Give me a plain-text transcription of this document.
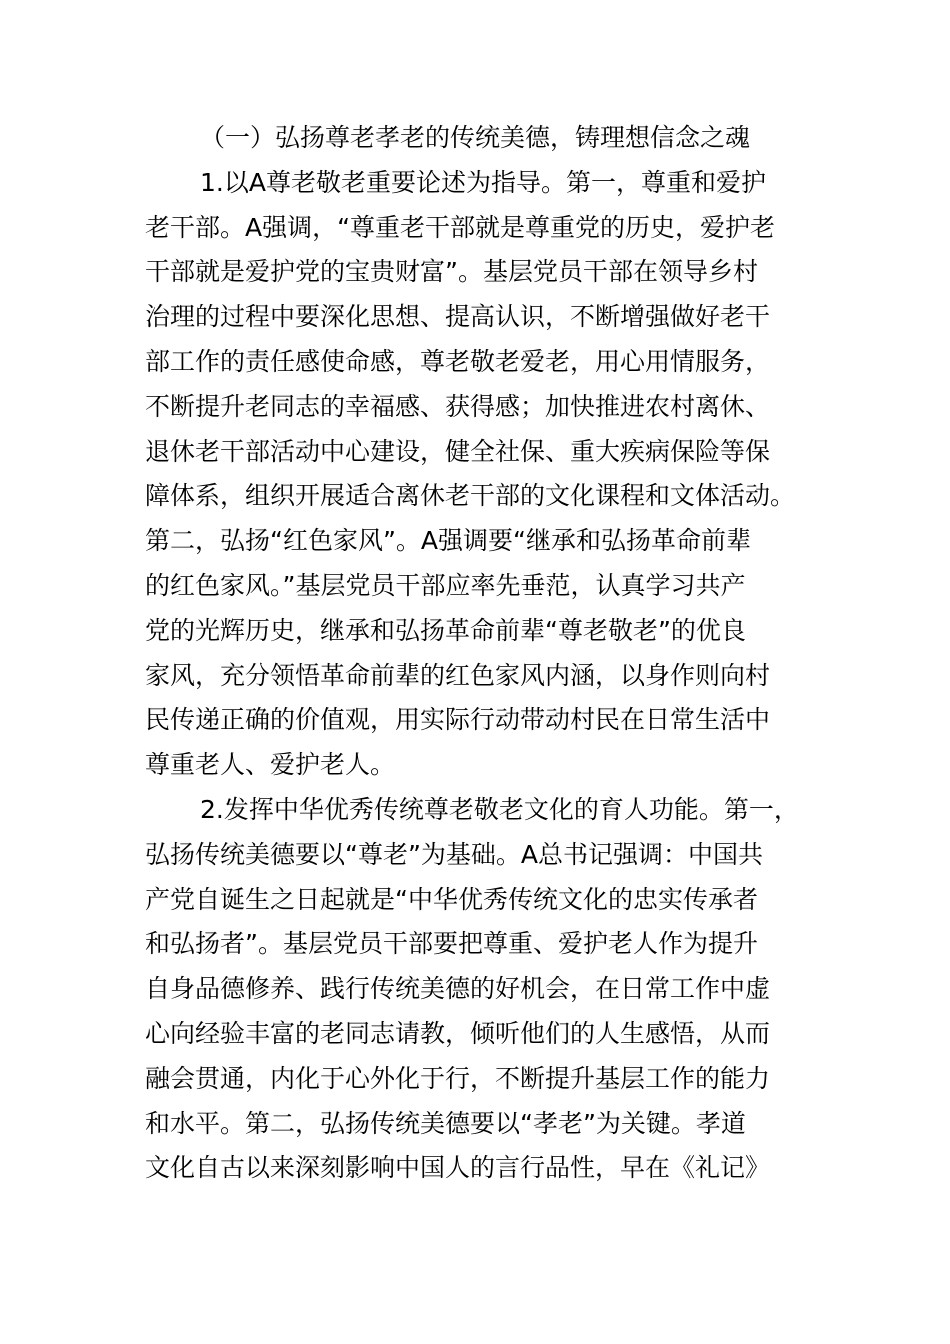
（一）弘扬尊老孝老的传统美德，铸理想信念之魂
1.以A尊老敬老重要论述为指导。第一，尊重和爱护
老干部。A强调，“尊重老干部就是尊重党的历史，爱护老
干部就是爱护党的宝贵财富”。基层党员干部在领导乡村
治理的过程中要深化思想、提高认识，不断增强做好老干
部工作的责任感使命感，尊老敬老爱老，用心用情服务，
不断提升老同志的幸福感、获得感；加快推进农村离休、
退休老干部活动中心建设，健全社保、重大疾病保险等保
障体系，组织开展适合离休老干部的文化课程和文体活动。
第二，弘扬“红色家风”。A强调要“继承和弘扬革命前辈
的红色家风。”基层党员干部应率先垂范，认真学习共产
党的光辉历史，继承和弘扬革命前辈“尊老敬老”的优良
家风，充分领悟革命前辈的红色家风内涵，以身作则向村
民传递正确的价值观，用实际行动带动村民在日常生活中
尊重老人、爱护老人。
2.发挥中华优秀传统尊老敬老文化的育人功能。第一，
弘扬传统美德要以“尊老”为基础。A总书记强调：中国共
产党自诞生之日起就是“中华优秀传统文化的忠实传承者
和弘扬者”。基层党员干部要把尊重、爱护老人作为提升
自身品德修养、践行传统美德的好机会，在日常工作中虚
心向经验丰富的老同志请教，倾听他们的人生感悟，从而
融会贯通，内化于心外化于行，不断提升基层工作的能力
和水平。第二，弘扬传统美德要以“孝老”为关键。孝道
文化自古以来深刻影响中国人的言行品性，早在《礼记》
